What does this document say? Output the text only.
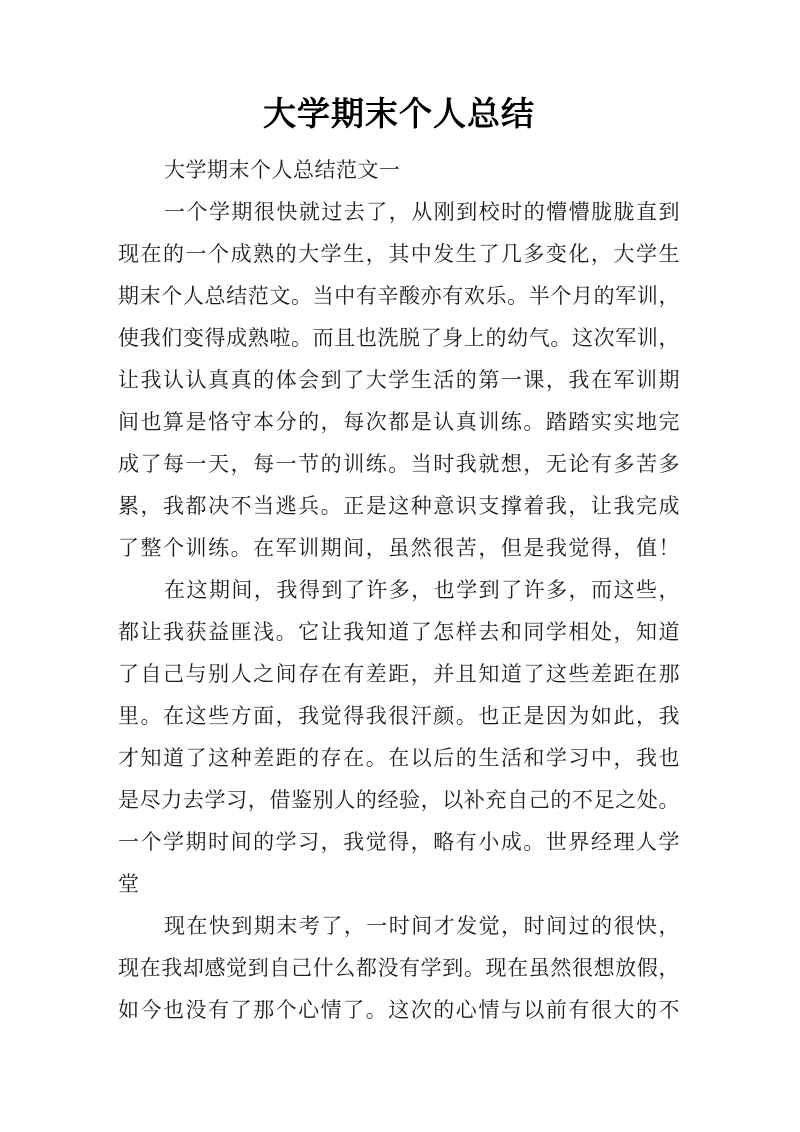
大学期末个人总结
大学期末个人总结范文一
一个学期很快就过去了，从刚到校时的懵懵胧胧直到
现在的一个成熟的大学生，其中发生了几多变化，大学生
期末个人总结范文。当中有辛酸亦有欢乐。半个月的军训，
使我们变得成熟啦。而且也洗脱了身上的幼气。这次军训，
让我认认真真的体会到了大学生活的第一课，我在军训期
间也算是恪守本分的，每次都是认真训练。踏踏实实地完
成了每一天，每一节的训练。当时我就想，无论有多苦多
累，我都决不当逃兵。正是这种意识支撑着我，让我完成
了整个训练。在军训期间，虽然很苦，但是我觉得，值！
在这期间，我得到了许多，也学到了许多，而这些，
都让我获益匪浅。它让我知道了怎样去和同学相处，知道
了自己与别人之间存在有差距，并且知道了这些差距在那
里。在这些方面，我觉得我很汗颜。也正是因为如此，我
才知道了这种差距的存在。在以后的生活和学习中，我也
是尽力去学习，借鉴别人的经验，以补充自己的不足之处。
一个学期时间的学习，我觉得，略有小成。世界经理人学
堂
现在快到期末考了，一时间才发觉，时间过的很快，
现在我却感觉到自己什么都没有学到。现在虽然很想放假，
如今也没有了那个心情了。这次的心情与以前有很大的不
